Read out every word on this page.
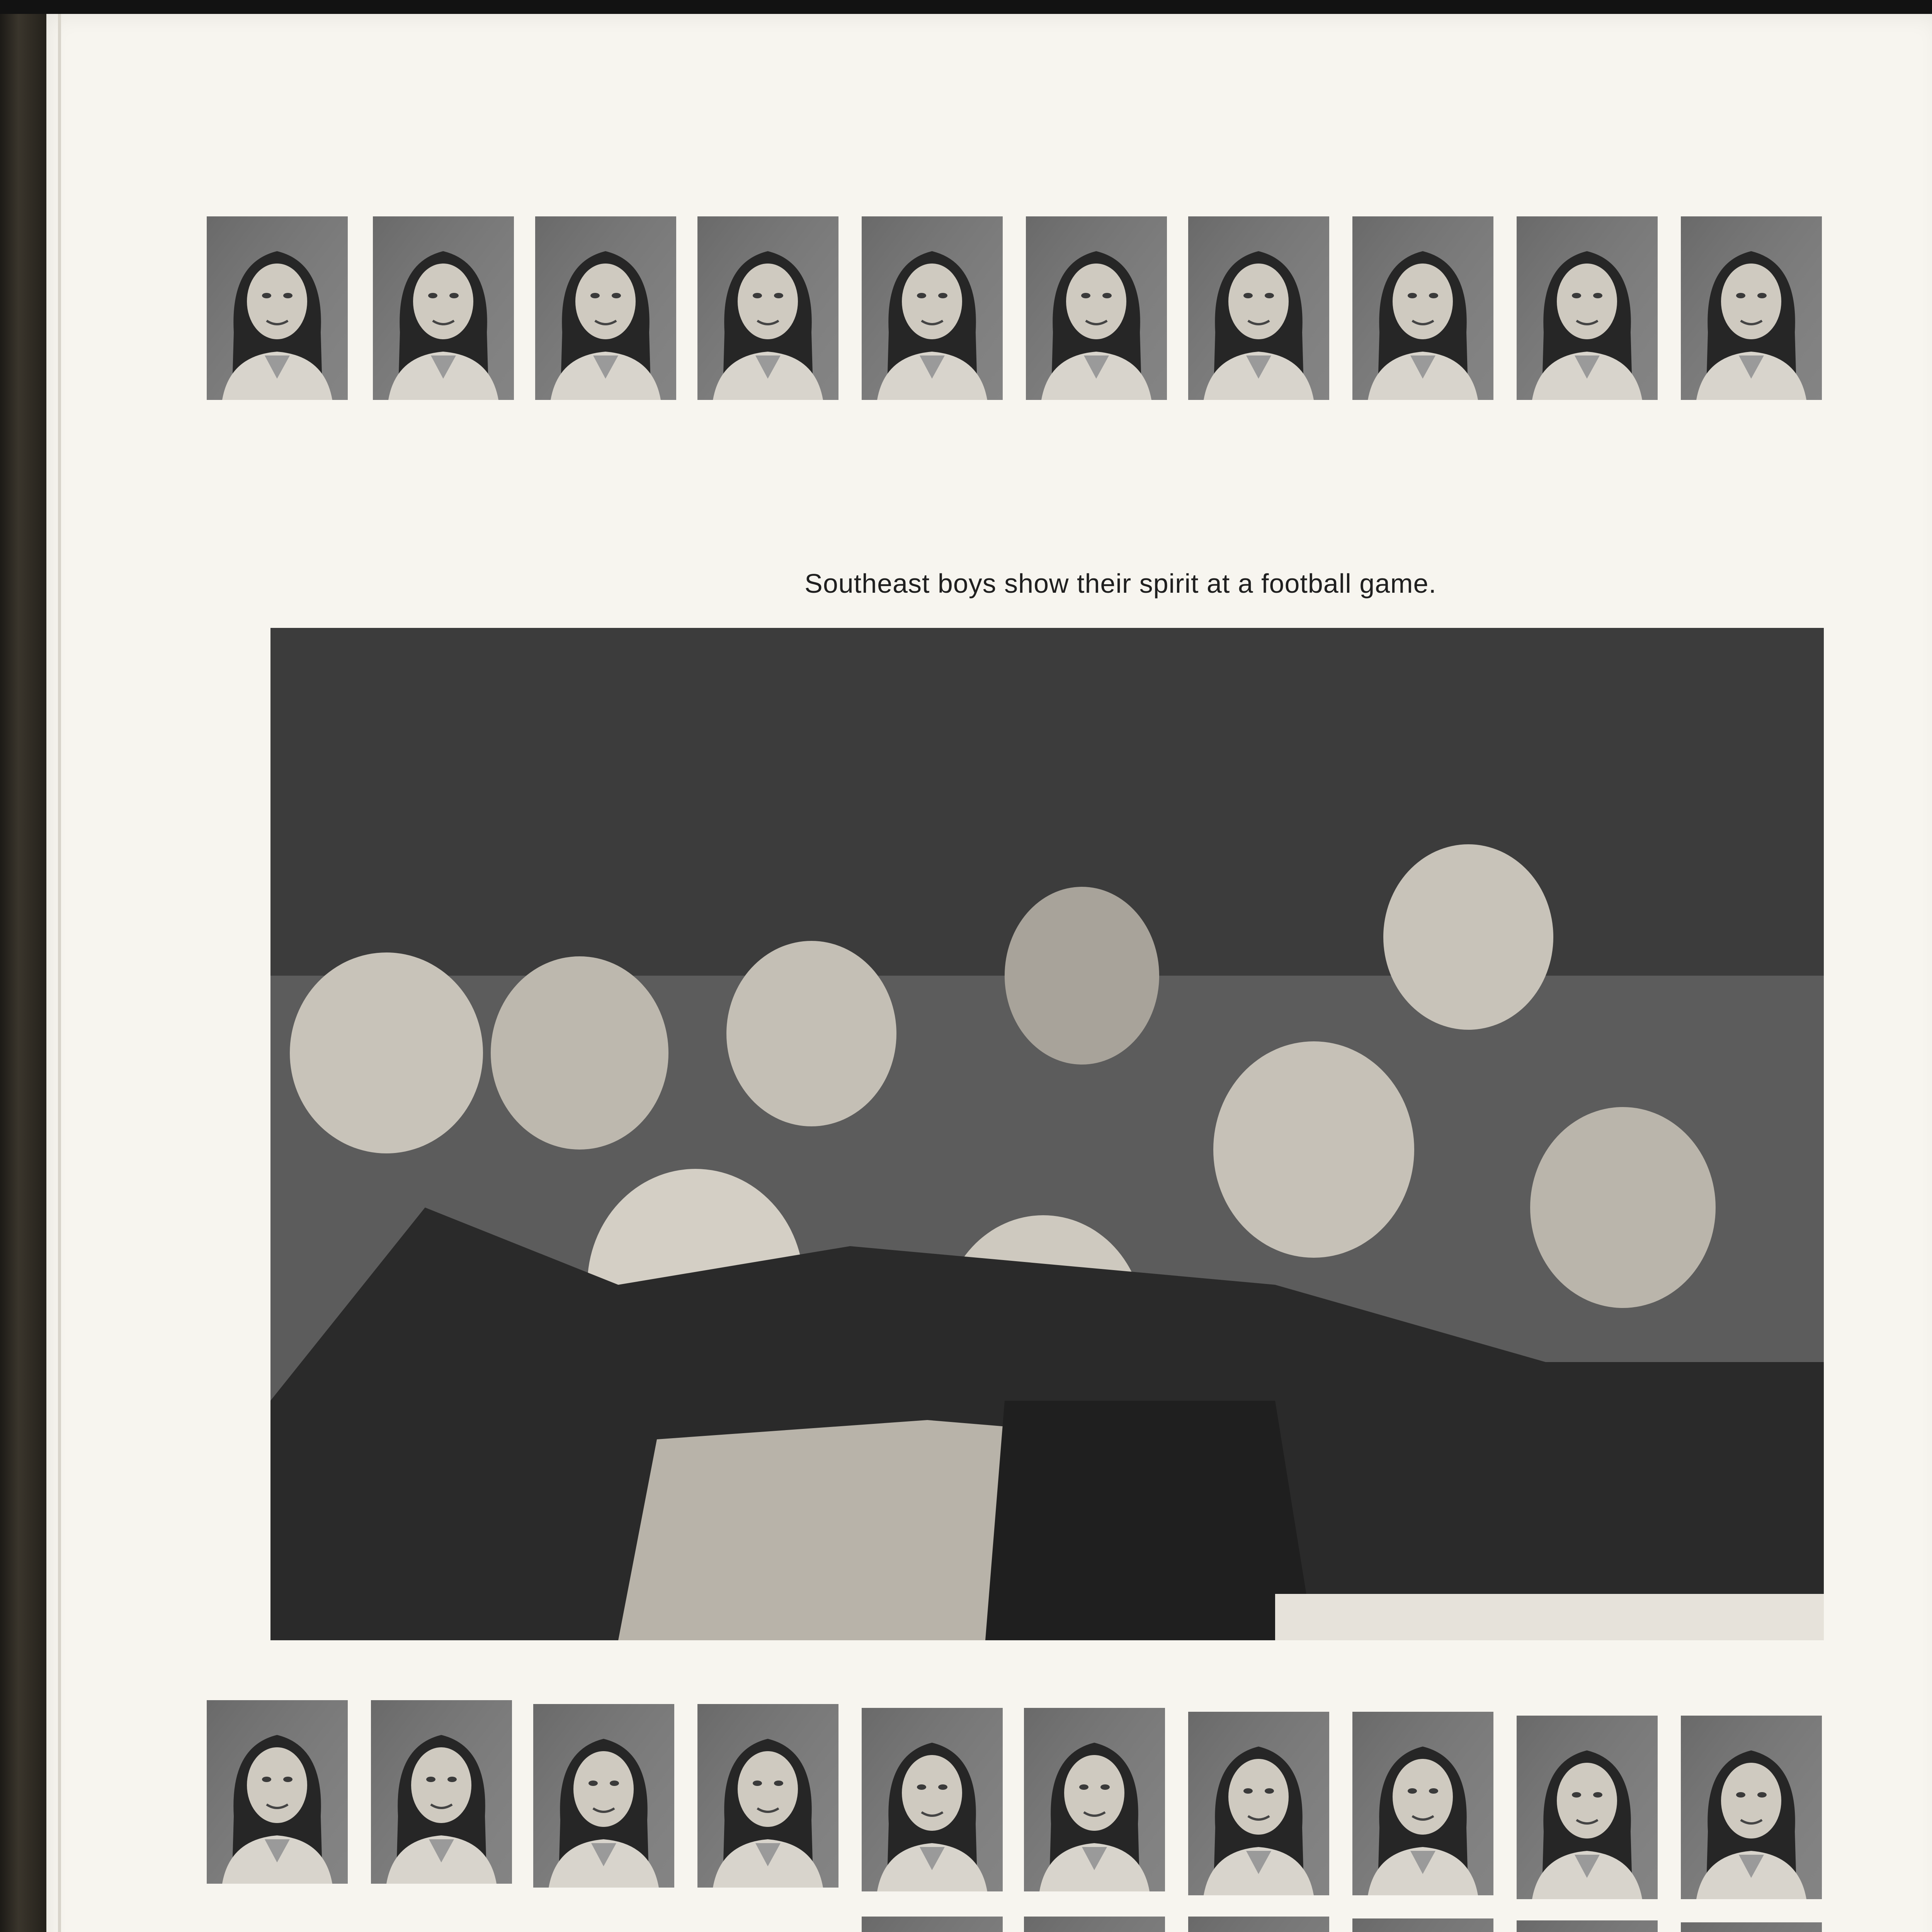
Southeast boys show their spirit at a football game.
